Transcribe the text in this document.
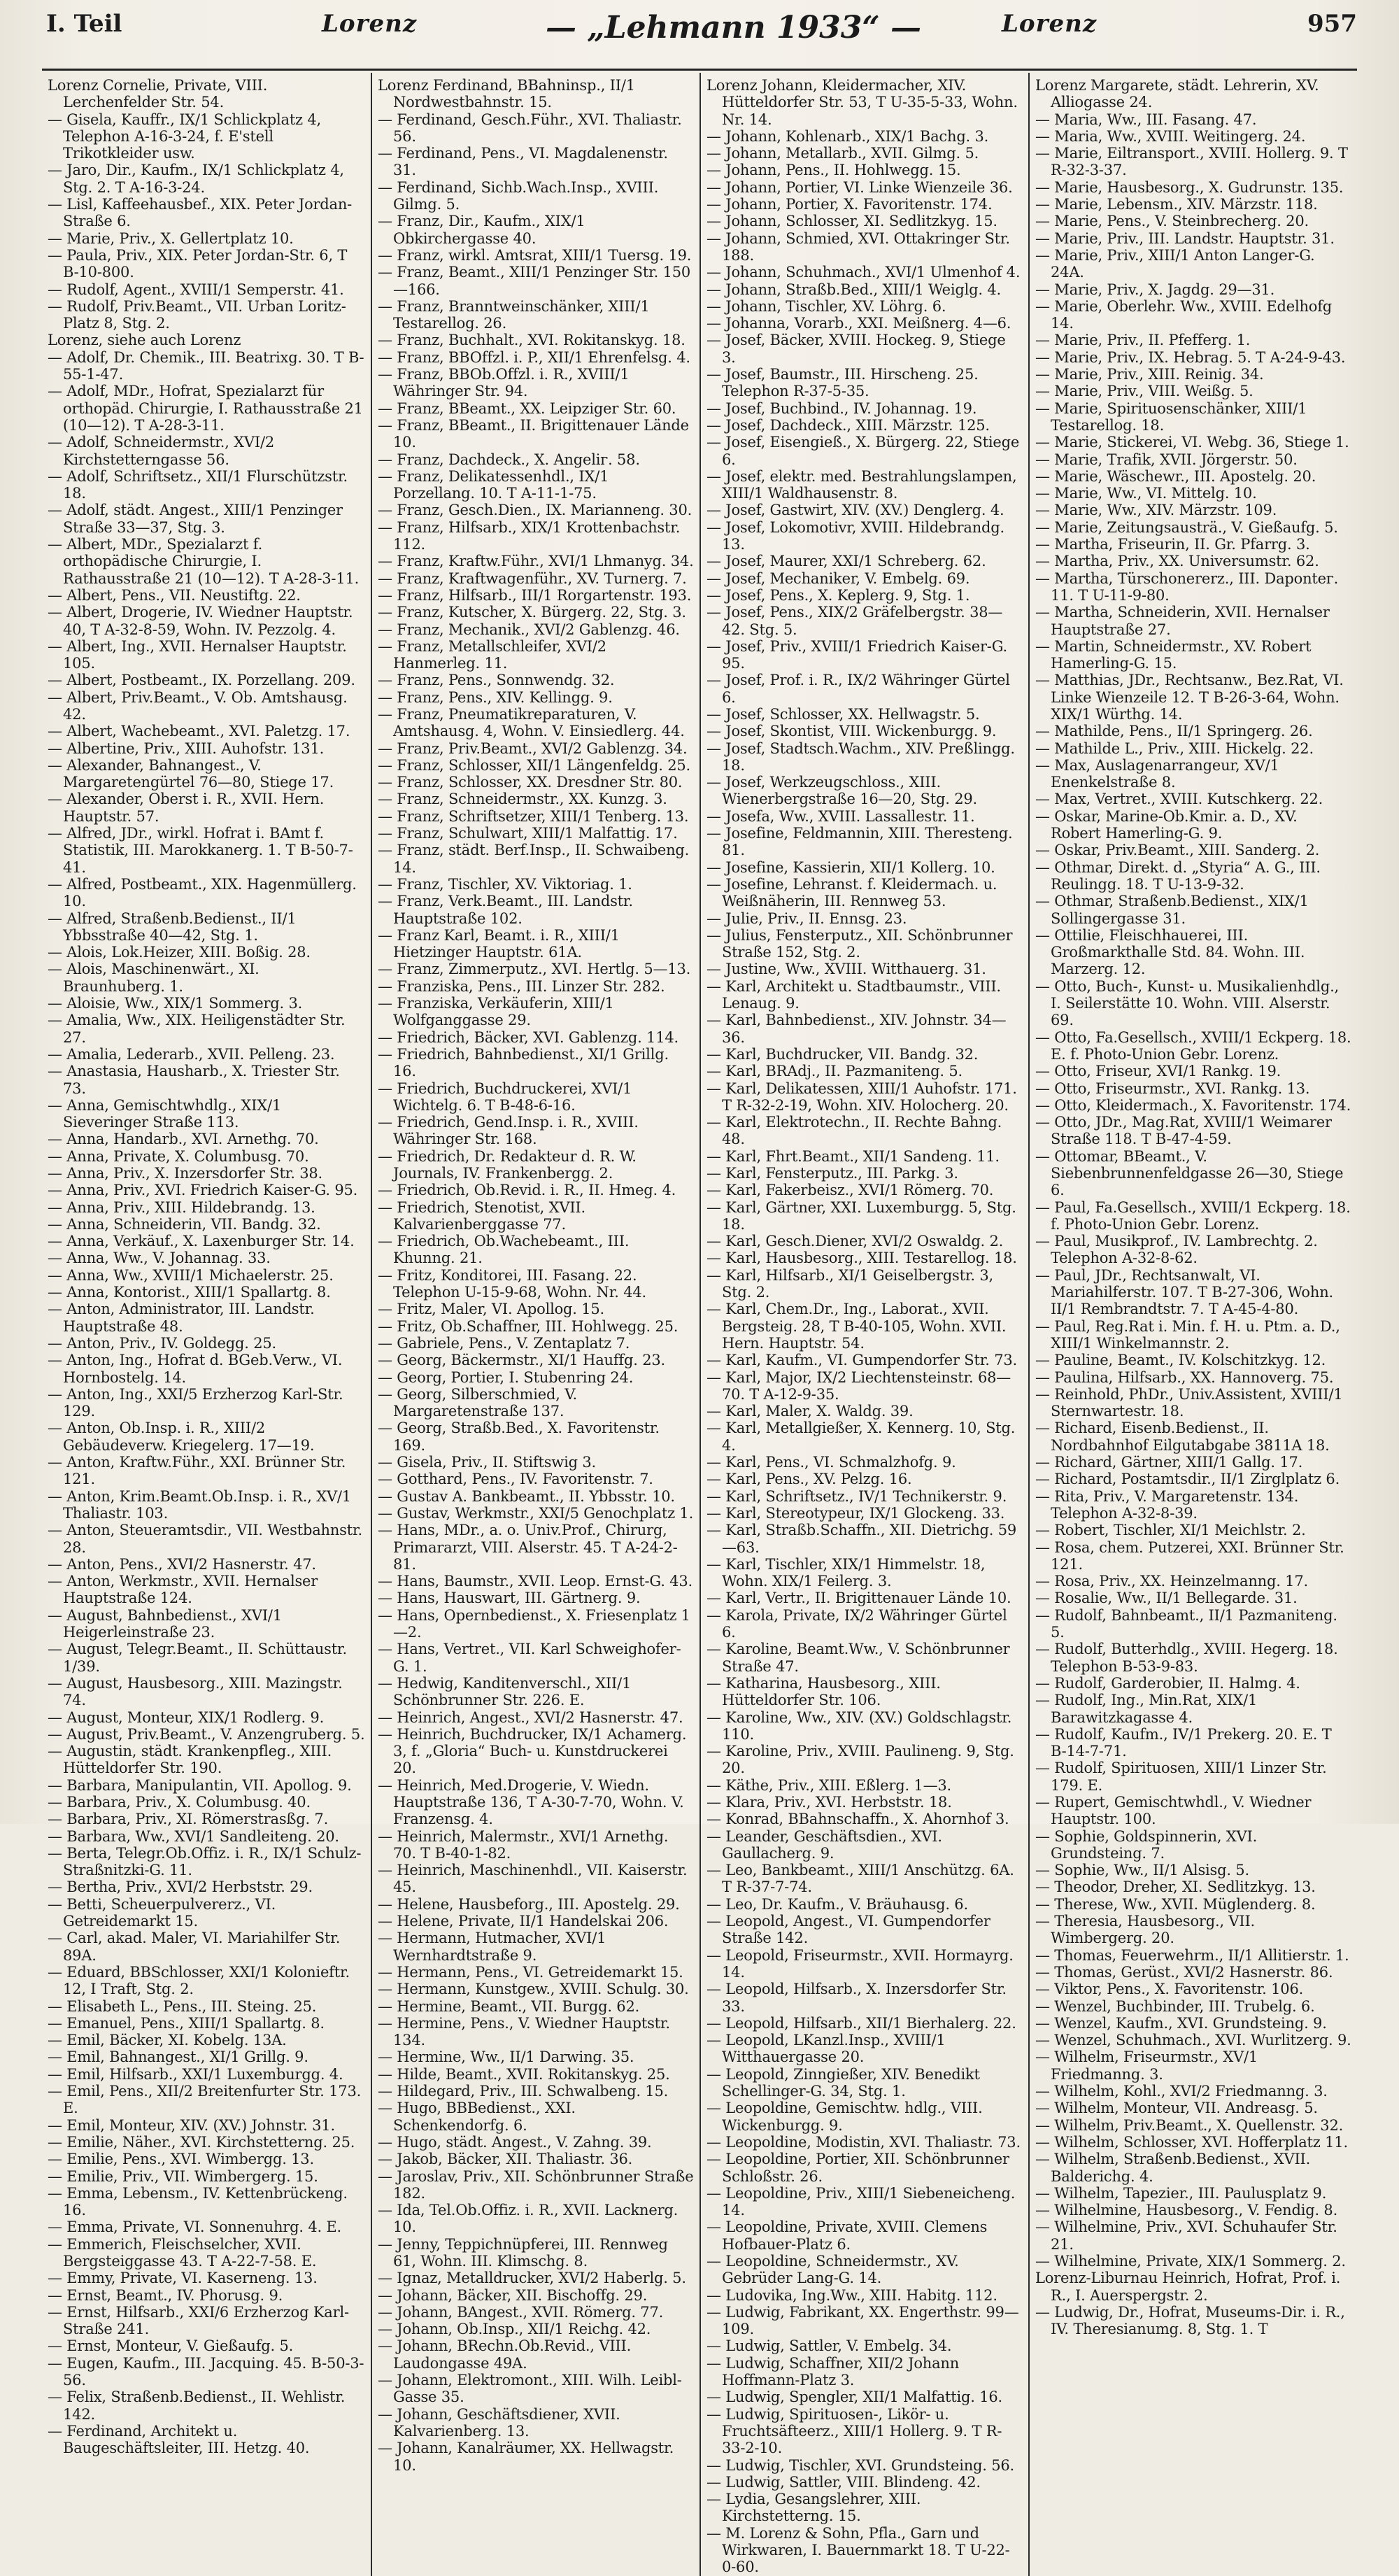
I. Teil	Lorenz	— „Lehmann 1933“ —	Lorenz	957
Lorenz Cornelie, Private, VIII. Lerchenfelder Str. 54.
— Gisela, Kauffr., IX/1 Schlickplatz 4, Telephon A-16-3-24, f. E'stell Trikotkleider usw.
— Jaro, Dir., Kaufm., IX/1 Schlickplatz 4, Stg. 2. T A-16-3-24.
— Lisl, Kaffeehausbef., XIX. Peter Jordan-Straße 6.
— Marie, Priv., X. Gellertplatz 10.
— Paula, Priv., XIX. Peter Jordan-Str. 6, T B-10-800.
— Rudolf, Agent., XVIII/1 Semperstr. 41.
— Rudolf, Priv.Beamt., VII. Urban Loritz-Platz 8, Stg. 2.
Lorenz, siehe auch Lorenz
— Adolf, Dr. Chemik., III. Beatrixg. 30. T B-55-1-47.
— Adolf, MDr., Hofrat, Spezialarzt für orthopäd. Chirurgie, I. Rathausstraße 21 (10—12). T A-28-3-11.
— Adolf, Schneidermstr., XVI/2 Kirchstetterngasse 56.
— Adolf, Schriftsetz., XII/1 Flurschützstr. 18.
— Adolf, städt. Angest., XIII/1 Penzinger Straße 33—37, Stg. 3.
— Albert, MDr., Spezialarzt f. orthopädische Chirurgie, I. Rathausstraße 21 (10—12). T A-28-3-11.
— Albert, Pens., VII. Neustiftg. 22.
— Albert, Drogerie, IV. Wiedner Hauptstr. 40, T A-32-8-59, Wohn. IV. Pezzolg. 4.
— Albert, Ing., XVII. Hernalser Hauptstr. 105.
— Albert, Postbeamt., IX. Porzellang. 209.
— Albert, Priv.Beamt., V. Ob. Amtshausg. 42.
— Albert, Wachebeamt., XVI. Paletzg. 17.
— Albertine, Priv., XIII. Auhofstr. 131.
— Alexander, Bahnangest., V. Margaretengürtel 76—80, Stiege 17.
— Alexander, Oberst i. R., XVII. Hern. Hauptstr. 57.
— Alfred, JDr., wirkl. Hofrat i. BAmt f. Statistik, III. Marokkanerg. 1. T B-50-7-41.
— Alfred, Postbeamt., XIX. Hagenmüllerg. 10.
— Alfred, Straßenb.Bedienst., II/1 Ybbsstraße 40—42, Stg. 1.
— Alois, Lok.Heizer, XIII. Boßig. 28.
— Alois, Maschinenwärt., XI. Braunhuberg. 1.
— Aloisie, Ww., XIX/1 Sommerg. 3.
— Amalia, Ww., XIX. Heiligenstädter Str. 27.
— Amalia, Lederarb., XVII. Pelleng. 23.
— Anastasia, Hausharb., X. Triester Str. 73.
— Anna, Gemischtwhdlg., XIX/1 Sieveringer Straße 113.
— Anna, Handarb., XVI. Arnethg. 70.
— Anna, Private, X. Columbusg. 70.
— Anna, Priv., X. Inzersdorfer Str. 38.
— Anna, Priv., XVI. Friedrich Kaiser-G. 95.
— Anna, Priv., XIII. Hildebrandg. 13.
— Anna, Schneiderin, VII. Bandg. 32.
— Anna, Verkäuf., X. Laxenburger Str. 14.
— Anna, Ww., V. Johannag. 33.
— Anna, Ww., XVIII/1 Michaelerstr. 25.
— Anna, Kontorist., XIII/1 Spallartg. 8.
— Anton, Administrator, III. Landstr. Hauptstraße 48.
— Anton, Priv., IV. Goldegg. 25.
— Anton, Ing., Hofrat d. BGeb.Verw., VI. Hornbostelg. 14.
— Anton, Ing., XXI/5 Erzherzog Karl-Str. 129.
— Anton, Ob.Insp. i. R., XIII/2 Gebäudeverw. Kriegelerg. 17—19.
— Anton, Kraftw.Führ., XXI. Brünner Str. 121.
— Anton, Krim.Beamt.Ob.Insp. i. R., XV/1 Thaliastr. 103.
— Anton, Steueramtsdir., VII. Westbahnstr. 28.
— Anton, Pens., XVI/2 Hasnerstr. 47.
— Anton, Werkmstr., XVII. Hernalser Hauptstraße 124.
— August, Bahnbedienst., XVI/1 Heigerleinstraße 23.
— August, Telegr.Beamt., II. Schüttaustr. 1/39.
— August, Hausbesorg., XIII. Mazingstr. 74.
— August, Monteur, XIX/1 Rodlerg. 9.
— August, Priv.Beamt., V. Anzengruberg. 5.
— Augustin, städt. Krankenpfleg., XIII. Hütteldorfer Str. 190.
— Barbara, Manipulantin, VII. Apollog. 9.
— Barbara, Priv., X. Columbusg. 40.
— Barbara, Priv., XI. Römerstrasßg. 7.
— Barbara, Ww., XVI/1 Sandleiteng. 20.
— Berta, Telegr.Ob.Offiz. i. R., IX/1 Schulz-Straßnitzki-G. 11.
— Bertha, Priv., XVI/2 Herbststr. 29.
— Betti, Scheuerpulvererz., VI. Getreidemarkt 15.
— Carl, akad. Maler, VI. Mariahilfer Str. 89A.
— Eduard, BBSchlosser, XXI/1 Kolonieftr. 12, I Traft, Stg. 2.
— Elisabeth L., Pens., III. Steing. 25.
— Emanuel, Pens., XIII/1 Spallartg. 8.
— Emil, Bäcker, XI. Kobelg. 13A.
— Emil, Bahnangest., XI/1 Grillg. 9.
— Emil, Hilfsarb., XXI/1 Luxemburgg. 4.
— Emil, Pens., XII/2 Breitenfurter Str. 173. E.
— Emil, Monteur, XIV. (XV.) Johnstr. 31.
— Emilie, Näher., XVI. Kirchstetterng. 25.
— Emilie, Pens., XVI. Wimbergg. 13.
— Emilie, Priv., VII. Wimbergerg. 15.
— Emma, Lebensm., IV. Kettenbrückeng. 16.
— Emma, Private, VI. Sonnenuhrg. 4. E.
— Emmerich, Fleischselcher, XVII. Bergsteiggasse 43. T A-22-7-58. E.
— Emmy, Private, VI. Kaserneng. 13.
— Ernst, Beamt., IV. Phorusg. 9.
— Ernst, Hilfsarb., XXI/6 Erzherzog Karl-Straße 241.
— Ernst, Monteur, V. Gießaufg. 5.
— Eugen, Kaufm., III. Jacquing. 45. B-50-3-56.
— Felix, Straßenb.Bedienst., II. Wehlistr. 142.
— Ferdinand, Architekt u. Baugeschäftsleiter, III. Hetzg. 40.
Lorenz Ferdinand, BBahninsp., II/1 Nordwestbahnstr. 15.
— Ferdinand, Gesch.Führ., XVI. Thaliastr. 56.
— Ferdinand, Pens., VI. Magdalenenstr. 31.
— Ferdinand, Sichb.Wach.Insp., XVIII. Gilmg. 5.
— Franz, Dir., Kaufm., XIX/1 Obkirchergasse 40.
— Franz, wirkl. Amtsrat, XIII/1 Tuersg. 19.
— Franz, Beamt., XIII/1 Penzinger Str. 150—166.
— Franz, Branntweinschänker, XIII/1 Testarellog. 26.
— Franz, Buchhalt., XVI. Rokitanskyg. 18.
— Franz, BBOffzl. i. P., XII/1 Ehrenfelsg. 4.
— Franz, BBOb.Offzl. i. R., XVIII/1 Währinger Str. 94.
— Franz, BBeamt., XX. Leipziger Str. 60.
— Franz, BBeamt., II. Brigittenauer Lände 10.
— Franz, Dachdeck., X. Angeliг. 58.
— Franz, Delikatessenhdl., IX/1 Porzellang. 10. T A-11-1-75.
— Franz, Gesch.Dien., IX. Marianneng. 30.
— Franz, Hilfsarb., XIX/1 Krottenbachstr. 112.
— Franz, Kraftw.Führ., XVI/1 Lhmanyg. 34.
— Franz, Kraftwagenführ., XV. Turnerg. 7.
— Franz, Hilfsarb., III/1 Rorgartenstr. 193.
— Franz, Kutscher, X. Bürgerg. 22, Stg. 3.
— Franz, Mechanik., XVI/2 Gablenzg. 46.
— Franz, Metallschleifer, XVI/2 Hanmerleg. 11.
— Franz, Pens., Sonnwendg. 32.
— Franz, Pens., XIV. Kellingg. 9.
— Franz, Pneumatikreparaturen, V. Amtshausg. 4, Wohn. V. Einsiedlerg. 44.
— Franz, Priv.Beamt., XVI/2 Gablenzg. 34.
— Franz, Schlosser, XII/1 Längenfeldg. 25.
— Franz, Schlosser, XX. Dresdner Str. 80.
— Franz, Schneidermstr., XX. Kunzg. 3.
— Franz, Schriftsetzer, XIII/1 Tenberg. 13.
— Franz, Schulwart, XIII/1 Malfattig. 17.
— Franz, städt. Berf.Insp., II. Schwaibeng. 14.
— Franz, Tischler, XV. Viktoriag. 1.
— Franz, Verk.Beamt., III. Landstr. Hauptstraße 102.
— Franz Karl, Beamt. i. R., XIII/1 Hietzinger Hauptstr. 61A.
— Franz, Zimmerputz., XVI. Hertlg. 5—13.
— Franziska, Pens., III. Linzer Str. 282.
— Franziska, Verkäuferin, XIII/1 Wolfganggasse 29.
— Friedrich, Bäcker, XVI. Gablenzg. 114.
— Friedrich, Bahnbedienst., XI/1 Grillg. 16.
— Friedrich, Buchdruckerei, XVI/1 Wichtelg. 6. T B-48-6-16.
— Friedrich, Gend.Insp. i. R., XVIII. Währinger Str. 168.
— Friedrich, Dr. Redakteur d. R. W. Journals, IV. Frankenbergg. 2.
— Friedrich, Ob.Revid. i. R., II. Hmeg. 4.
— Friedrich, Stenotist, XVII. Kalvarienberggasse 77.
— Friedrich, Ob.Wachebeamt., III. Khunng. 21.
— Fritz, Konditorei, III. Fasang. 22. Telephon U-15-9-68, Wohn. Nr. 44.
— Fritz, Maler, VI. Apollog. 15.
— Fritz, Ob.Schaffner, III. Hohlwegg. 25.
— Gabriele, Pens., V. Zentaplatz 7.
— Georg, Bäckermstr., XI/1 Hauffg. 23.
— Georg, Portier, I. Stubenring 24.
— Georg, Silberschmied, V. Margaretenstraße 137.
— Georg, Straßb.Bed., X. Favoritenstr. 169.
— Gisela, Priv., II. Stiftswig 3.
— Gotthard, Pens., IV. Favoritenstr. 7.
— Gustav A. Bankbeamt., II. Ybbsstr. 10.
— Gustav, Werkmstr., XXI/5 Genochplatz 1.
— Hans, MDr., a. o. Univ.Prof., Chirurg, Primararzt, VIII. Alserstr. 45. T A-24-2-81.
— Hans, Baumstr., XVII. Leop. Ernst-G. 43.
— Hans, Hauswart, III. Gärtnerg. 9.
— Hans, Opernbedienst., X. Friesenplatz 1—2.
— Hans, Vertret., VII. Karl Schweighofer-G. 1.
— Hedwig, Kanditenverschl., XII/1 Schönbrunner Str. 226. E.
— Heinrich, Angest., XVI/2 Hasnerstr. 47.
— Heinrich, Buchdrucker, IX/1 Achamerg. 3, f. „Gloria“ Buch- u. Kunstdruckerei 20.
— Heinrich, Med.Drogerie, V. Wiedn. Hauptstraße 136, T A-30-7-70, Wohn. V. Franzensg. 4.
— Heinrich, Malermstr., XVI/1 Arnethg. 70. T B-40-1-82.
— Heinrich, Maschinenhdl., VII. Kaiserstr. 45.
— Helene, Hausbeforg., III. Apostelg. 29.
— Helene, Private, II/1 Handelskai 206.
— Hermann, Hutmacher, XVI/1 Wernhardtstraße 9.
— Hermann, Pens., VI. Getreidemarkt 15.
— Hermann, Kunstgew., XVIII. Schulg. 30.
— Hermine, Beamt., VII. Burgg. 62.
— Hermine, Pens., V. Wiedner Hauptstr. 134.
— Hermine, Ww., II/1 Darwing. 35.
— Hilde, Beamt., XVII. Rokitanskyg. 25.
— Hildegard, Priv., III. Schwalbeng. 15.
— Hugo, BBBedienst., XXI. Schenkendorfg. 6.
— Hugo, städt. Angest., V. Zahng. 39.
— Jakob, Bäcker, XII. Thaliastr. 36.
— Jaroslav, Priv., XII. Schönbrunner Straße 182.
— Ida, Tel.Ob.Offiz. i. R., XVII. Lacknerg. 10.
— Jenny, Teppichnüpferei, III. Rennweg 61, Wohn. III. Klimschg. 8.
— Ignaz, Metalldrucker, XVI/2 Haberlg. 5.
— Johann, Bäcker, XII. Bischoffg. 29.
— Johann, BAngest., XVII. Römerg. 77.
— Johann, Ob.Insp., XII/1 Reichg. 42.
— Johann, BRechn.Ob.Revid., VIII. Laudongasse 49A.
— Johann, Elektromont., XIII. Wilh. Leibl-Gasse 35.
— Johann, Geschäftsdiener, XVII. Kalvarienberg. 13.
— Johann, Kanalräumer, XX. Hellwagstr. 10.
Lorenz Johann, Kleidermacher, XIV. Hütteldorfer Str. 53, T U-35-5-33, Wohn. Nr. 14.
— Johann, Kohlenarb., XIX/1 Bachg. 3.
— Johann, Metallarb., XVII. Gilmg. 5.
— Johann, Pens., II. Hohlwegg. 15.
— Johann, Portier, VI. Linke Wienzeile 36.
— Johann, Portier, X. Favoritenstr. 174.
— Johann, Schlosser, XI. Sedlitzkyg. 15.
— Johann, Schmied, XVI. Ottakringer Str. 188.
— Johann, Schuhmach., XVI/1 Ulmenhof 4.
— Johann, Straßb.Bed., XIII/1 Weiglg. 4.
— Johann, Tischler, XV. Löhrg. 6.
— Johanna, Vorarb., XXI. Meißnerg. 4—6.
— Josef, Bäcker, XVIII. Hockeg. 9, Stiege 3.
— Josef, Baumstr., III. Hirscheng. 25. Telephon R-37-5-35.
— Josef, Buchbind., IV. Johannag. 19.
— Josef, Dachdeck., XIII. Märzstr. 125.
— Josef, Eisengieß., X. Bürgerg. 22, Stiege 6.
— Josef, elektr. med. Bestrahlungslampen, XIII/1 Waldhausenstr. 8.
— Josef, Gastwirt, XIV. (XV.) Denglerg. 4.
— Josef, Lokomotivr, XVIII. Hildebrandg. 13.
— Josef, Maurer, XXI/1 Schreberg. 62.
— Josef, Mechaniker, V. Embelg. 69.
— Josef, Pens., X. Keplerg. 9, Stg. 1.
— Josef, Pens., XIX/2 Gräfelbergstr. 38—42. Stg. 5.
— Josef, Priv., XVIII/1 Friedrich Kaiser-G. 95.
— Josef, Prof. i. R., IX/2 Währinger Gürtel 6.
— Josef, Schlosser, XX. Hellwagstr. 5.
— Josef, Skontist, VIII. Wickenburgg. 9.
— Josef, Stadtsch.Wachm., XIV. Preßlingg. 18.
— Josef, Werkzeugschloss., XIII. Wienerbergstraße 16—20, Stg. 29.
— Josefa, Ww., XVIII. Lassallestr. 11.
— Josefine, Feldmannin, XIII. Theresteng. 81.
— Josefine, Kassierin, XII/1 Kollerg. 10.
— Josefine, Lehranst. f. Kleidermach. u. Weißnäherin, III. Rennweg 53.
— Julie, Priv., II. Ennsg. 23.
— Julius, Fensterputz., XII. Schönbrunner Straße 152, Stg. 2.
— Justine, Ww., XVIII. Witthauerg. 31.
— Karl, Architekt u. Stadtbaumstr., VIII. Lenaug. 9.
— Karl, Bahnbedienst., XIV. Johnstr. 34—36.
— Karl, Buchdrucker, VII. Bandg. 32.
— Karl, BRAdj., II. Pazmaniteng. 5.
— Karl, Delikatessen, XIII/1 Auhofstr. 171. T R-32-2-19, Wohn. XIV. Holocherg. 20.
— Karl, Elektrotechn., II. Rechte Bahng. 48.
— Karl, Fhrt.Beamt., XII/1 Sandeng. 11.
— Karl, Fensterputz., III. Parkg. 3.
— Karl, Fakerbeisz., XVI/1 Römerg. 70.
— Karl, Gärtner, XXI. Luxemburgg. 5, Stg. 18.
— Karl, Gesch.Diener, XVI/2 Oswaldg. 2.
— Karl, Hausbesorg., XIII. Testarellog. 18.
— Karl, Hilfsarb., XI/1 Geiselbergstr. 3, Stg. 2.
— Karl, Chem.Dr., Ing., Laborat., XVII. Bergsteig. 28, T B-40-105, Wohn. XVII. Hern. Hauptstr. 54.
— Karl, Kaufm., VI. Gumpendorfer Str. 73.
— Karl, Major, IX/2 Liechtensteinstr. 68—70. T A-12-9-35.
— Karl, Maler, X. Waldg. 39.
— Karl, Metallgießer, X. Kennerg. 10, Stg. 4.
— Karl, Pens., VI. Schmalzhofg. 9.
— Karl, Pens., XV. Pelzg. 16.
— Karl, Schriftsetz., IV/1 Technikerstr. 9.
— Karl, Stereotypeur, IX/1 Glockeng. 33.
— Karl, Straßb.Schaffn., XII. Dietrichg. 59—63.
— Karl, Tischler, XIX/1 Himmelstr. 18, Wohn. XIX/1 Feilerg. 3.
— Karl, Vertr., II. Brigittenauer Lände 10.
— Karola, Private, IX/2 Währinger Gürtel 6.
— Karoline, Beamt.Ww., V. Schönbrunner Straße 47.
— Katharina, Hausbesorg., XIII. Hütteldorfer Str. 106.
— Karoline, Ww., XIV. (XV.) Goldschlagstr. 110.
— Karoline, Priv., XVIII. Paulineng. 9, Stg. 20.
— Käthe, Priv., XIII. Eßlerg. 1—3.
— Klara, Priv., XVI. Herbststr. 18.
— Konrad, BBahnschaffn., X. Ahornhof 3.
— Leander, Geschäftsdien., XVI. Gaullacherg. 9.
— Leo, Bankbeamt., XIII/1 Anschützg. 6A. T R-37-7-74.
— Leo, Dr. Kaufm., V. Bräuhausg. 6.
— Leopold, Angest., VI. Gumpendorfer Straße 142.
— Leopold, Friseurmstr., XVII. Hormayrg. 14.
— Leopold, Hilfsarb., X. Inzersdorfer Str. 33.
— Leopold, Hilfsarb., XII/1 Bierhalerg. 22.
— Leopold, LKanzl.Insp., XVIII/1 Witthauergasse 20.
— Leopold, Zinngießer, XIV. Benedikt Schellinger-G. 34, Stg. 1.
— Leopoldine, Gemischtw. hdlg., VIII. Wickenburgg. 9.
— Leopoldine, Modistin, XVI. Thaliastr. 73.
— Leopoldine, Portier, XII. Schönbrunner Schloßstr. 26.
— Leopoldine, Priv., XIII/1 Siebeneicheng. 14.
— Leopoldine, Private, XVIII. Clemens Hofbauer-Platz 6.
— Leopoldine, Schneidermstr., XV. Gebrüder Lang-G. 14.
— Ludovika, Ing.Ww., XIII. Habitg. 112.
— Ludwig, Fabrikant, XX. Engerthstr. 99—109.
— Ludwig, Sattler, V. Embelg. 34.
— Ludwig, Schaffner, XII/2 Johann Hoffmann-Platz 3.
— Ludwig, Spengler, XII/1 Malfattig. 16.
— Ludwig, Spirituosen-, Likör- u. Fruchtsäfteerz., XIII/1 Hollerg. 9. T R-33-2-10.
— Ludwig, Tischler, XVI. Grundsteing. 56.
— Ludwig, Sattler, VIII. Blindeng. 42.
— Lydia, Gesangslehrer, XIII. Kirchstetterng. 15.
— M. Lorenz & Sohn, Pfla., Garn und Wirkwaren, I. Bauernmarkt 18. T U-22-0-60.
Lorenz Margarete, städt. Lehrerin, XV. Alliogasse 24.
— Maria, Ww., III. Fasang. 47.
— Maria, Ww., XVIII. Weitingerg. 24.
— Marie, Eiltransport., XVIII. Hollerg. 9. T R-32-3-37.
— Marie, Hausbesorg., X. Gudrunstr. 135.
— Marie, Lebensm., XIV. Märzstr. 118.
— Marie, Pens., V. Steinbrecherg. 20.
— Marie, Priv., III. Landstr. Hauptstr. 31.
— Marie, Priv., XIII/1 Anton Langer-G. 24A.
— Marie, Priv., X. Jagdg. 29—31.
— Marie, Oberlehr. Ww., XVIII. Edelhofg 14.
— Marie, Priv., II. Pfefferg. 1.
— Marie, Priv., IX. Hebrag. 5. T A-24-9-43.
— Marie, Priv., XIII. Reinig. 34.
— Marie, Priv., VIII. Weißg. 5.
— Marie, Spirituosenschänker, XIII/1 Testarellog. 18.
— Marie, Stickerei, VI. Webg. 36, Stiege 1.
— Marie, Trafik, XVII. Jörgerstr. 50.
— Marie, Wäschewr., III. Apostelg. 20.
— Marie, Ww., VI. Mittelg. 10.
— Marie, Ww., XIV. Märzstr. 109.
— Marie, Zeitungsausträ., V. Gießaufg. 5.
— Martha, Friseurin, II. Gr. Pfarrg. 3.
— Martha, Priv., XX. Universumstr. 62.
— Martha, Türschonererz., III. Dapontег. 11. T U-11-9-80.
— Martha, Schneiderin, XVII. Hernalser Hauptstraße 27.
— Martin, Schneidermstr., XV. Robert Hamerling-G. 15.
— Matthias, JDr., Rechtsanw., Bez.Rat, VI. Linke Wienzeile 12. T B-26-3-64, Wohn. XIX/1 Würthg. 14.
— Mathilde, Pens., II/1 Springerg. 26.
— Mathilde L., Priv., XIII. Hickelg. 22.
— Max, Auslagenarrangeur, XV/1 Enenkelstraße 8.
— Max, Vertret., XVIII. Kutschkerg. 22.
— Oskar, Marine-Ob.Kmir. a. D., XV. Robert Hamerling-G. 9.
— Oskar, Priv.Beamt., XIII. Sanderg. 2.
— Othmar, Direkt. d. „Styria“ A. G., III. Reulingg. 18. T U-13-9-32.
— Othmar, Straßenb.Bedienst., XIX/1 Sollingergasse 31.
— Ottilie, Fleischhauerei, III. Großmarkthalle Std. 84. Wohn. III. Marzerg. 12.
— Otto, Buch-, Kunst- u. Musikalienhdlg., I. Seilerstätte 10. Wohn. VIII. Alserstr. 69.
— Otto, Fa.Gesellsch., XVIII/1 Eckperg. 18. E. f. Photo-Union Gebr. Lorenz.
— Otto, Friseur, XVI/1 Rankg. 19.
— Otto, Friseurmstr., XVI. Rankg. 13.
— Otto, Kleidermach., X. Favoritenstr. 174.
— Otto, JDr., Mag.Rat, XVIII/1 Weimarer Straße 118. T B-47-4-59.
— Ottomar, BBeamt., V. Siebenbrunnenfeldgasse 26—30, Stiege 6.
— Paul, Fa.Gesellsch., XVIII/1 Eckperg. 18. f. Photo-Union Gebr. Lorenz.
— Paul, Musikprof., IV. Lambrechtg. 2. Telephon A-32-8-62.
— Paul, JDr., Rechtsanwalt, VI. Mariahilferstr. 107. T B-27-306, Wohn. II/1 Rembrandtstr. 7. T A-45-4-80.
— Paul, Reg.Rat i. Min. f. H. u. Ptm. a. D., XIII/1 Winkelmannstr. 2.
— Pauline, Beamt., IV. Kolschitzkyg. 12.
— Paulina, Hilfsarb., XX. Hannoverg. 75.
— Reinhold, PhDr., Univ.Assistent, XVIII/1 Sternwartestr. 18.
— Richard, Eisenb.Bedienst., II. Nordbahnhof Eilgutabgabe 3811A 18.
— Richard, Gärtner, XIII/1 Gallg. 17.
— Richard, Postamtsdir., II/1 Zirglplatz 6.
— Rita, Priv., V. Margaretenstr. 134. Telephon A-32-8-39.
— Robert, Tischler, XI/1 Meichlstr. 2.
— Rosa, chem. Putzerei, XXI. Brünner Str. 121.
— Rosa, Priv., XX. Heinzelmanng. 17.
— Rosalie, Ww., II/1 Bellegarde. 31.
— Rudolf, Bahnbeamt., II/1 Pazmaniteng. 5.
— Rudolf, Butterhdlg., XVIII. Hegerg. 18. Telephon B-53-9-83.
— Rudolf, Garderobier, II. Halmg. 4.
— Rudolf, Ing., Min.Rat, XIX/1 Barawitzkagasse 4.
— Rudolf, Kaufm., IV/1 Prekerg. 20. E. T B-14-7-71.
— Rudolf, Spirituosen, XIII/1 Linzer Str. 179. E.
— Rupert, Gemischtwhdl., V. Wiedner Hauptstr. 100.
— Sophie, Goldspinnerin, XVI. Grundsteing. 7.
— Sophie, Ww., II/1 Alsisg. 5.
— Theodor, Dreher, XI. Sedlitzkyg. 13.
— Therese, Ww., XVII. Müglenderg. 8.
— Theresia, Hausbesorg., VII. Wimbergerg. 20.
— Thomas, Feuerwehrm., II/1 Allitierstr. 1.
— Thomas, Gerüst., XVI/2 Hasnerstr. 86.
— Viktor, Pens., X. Favoritenstr. 106.
— Wenzel, Buchbinder, III. Trubelg. 6.
— Wenzel, Kaufm., XVI. Grundsteing. 9.
— Wenzel, Schuhmach., XVI. Wurlitzerg. 9.
— Wilhelm, Friseurmstr., XV/1 Friedmanng. 3.
— Wilhelm, Kohl., XVI/2 Friedmanng. 3.
— Wilhelm, Monteur, VII. Andreasg. 5.
— Wilhelm, Priv.Beamt., X. Quellenstr. 32.
— Wilhelm, Schlosser, XVI. Hofferplatz 11.
— Wilhelm, Straßenb.Bedienst., XVII. Balderichg. 4.
— Wilhelm, Tapezier., III. Paulusplatz 9.
— Wilhelmine, Hausbesorg., V. Fendig. 8.
— Wilhelmine, Priv., XVI. Schuhaufer Str. 21.
— Wilhelmine, Private, XIX/1 Sommerg. 2.
Lorenz-Liburnau Heinrich, Hofrat, Prof. i. R., I. Auerspergstr. 2.
— Ludwig, Dr., Hofrat, Museums-Dir. i. R., IV. Theresianumg. 8, Stg. 1. T
